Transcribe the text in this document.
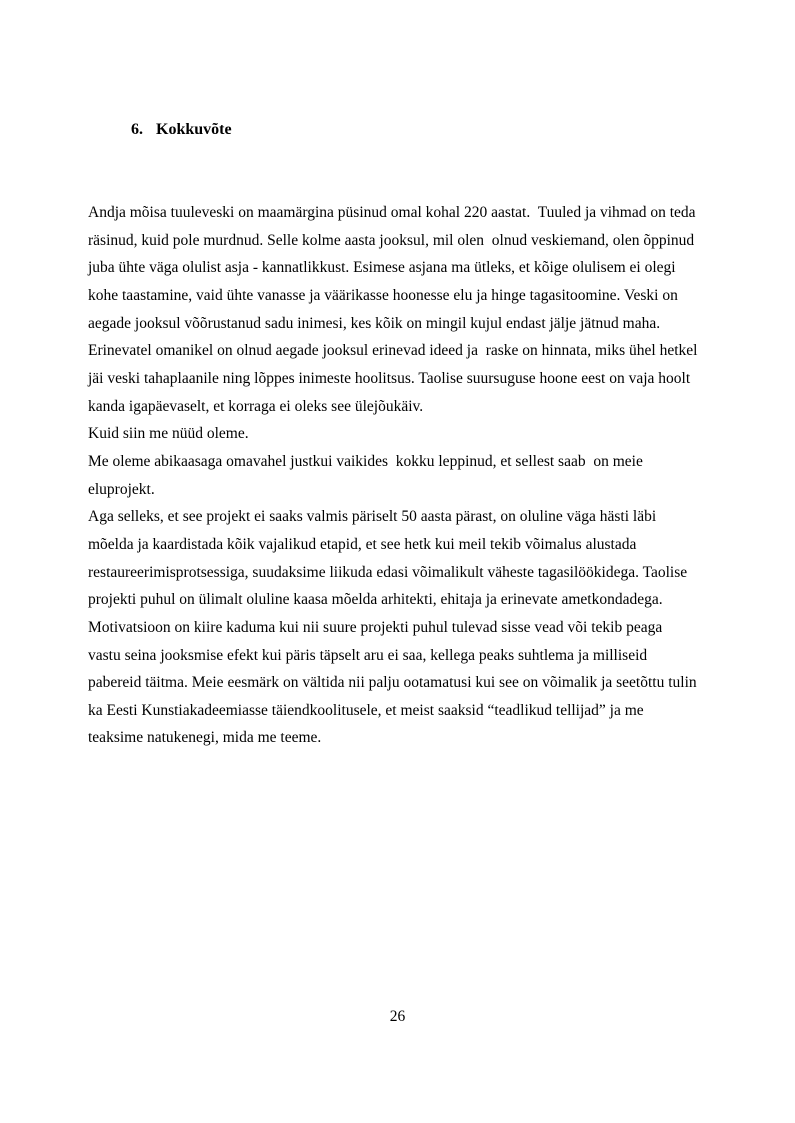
6. Kokkuvõte

Andja mõisa tuuleveski on maamärgina püsinud omal kohal 220 aastat.  Tuuled ja vihmad on teda
räsinud, kuid pole murdnud. Selle kolme aasta jooksul, mil olen  olnud veskiemand, olen õppinud
juba ühte väga olulist asja - kannatlikkust. Esimese asjana ma ütleks, et kõige olulisem ei olegi
kohe taastamine, vaid ühte vanasse ja väärikasse hoonesse elu ja hinge tagasitoomine. Veski on
aegade jooksul võõrustanud sadu inimesi, kes kõik on mingil kujul endast jälje jätnud maha.
Erinevatel omanikel on olnud aegade jooksul erinevad ideed ja  raske on hinnata, miks ühel hetkel
jäi veski tahaplaanile ning lõppes inimeste hoolitsus. Taolise suursuguse hoone eest on vaja hoolt
kanda igapäevaselt, et korraga ei oleks see ülejõukäiv.
Kuid siin me nüüd oleme.
Me oleme abikaasaga omavahel justkui vaikides  kokku leppinud, et sellest saab  on meie
eluprojekt.
Aga selleks, et see projekt ei saaks valmis päriselt 50 aasta pärast, on oluline väga hästi läbi
mõelda ja kaardistada kõik vajalikud etapid, et see hetk kui meil tekib võimalus alustada
restaureerimisprotsessiga, suudaksime liikuda edasi võimalikult väheste tagasilöökidega. Taolise
projekti puhul on ülimalt oluline kaasa mõelda arhitekti, ehitaja ja erinevate ametkondadega.
Motivatsioon on kiire kaduma kui nii suure projekti puhul tulevad sisse vead või tekib peaga
vastu seina jooksmise efekt kui päris täpselt aru ei saa, kellega peaks suhtlema ja milliseid
pabereid täitma. Meie eesmärk on vältida nii palju ootamatusi kui see on võimalik ja seetõttu tulin
ka Eesti Kunstiakadeemiasse täiendkoolitusele, et meist saaksid “teadlikud tellijad” ja me
teaksime natukenegi, mida me teeme.
26
